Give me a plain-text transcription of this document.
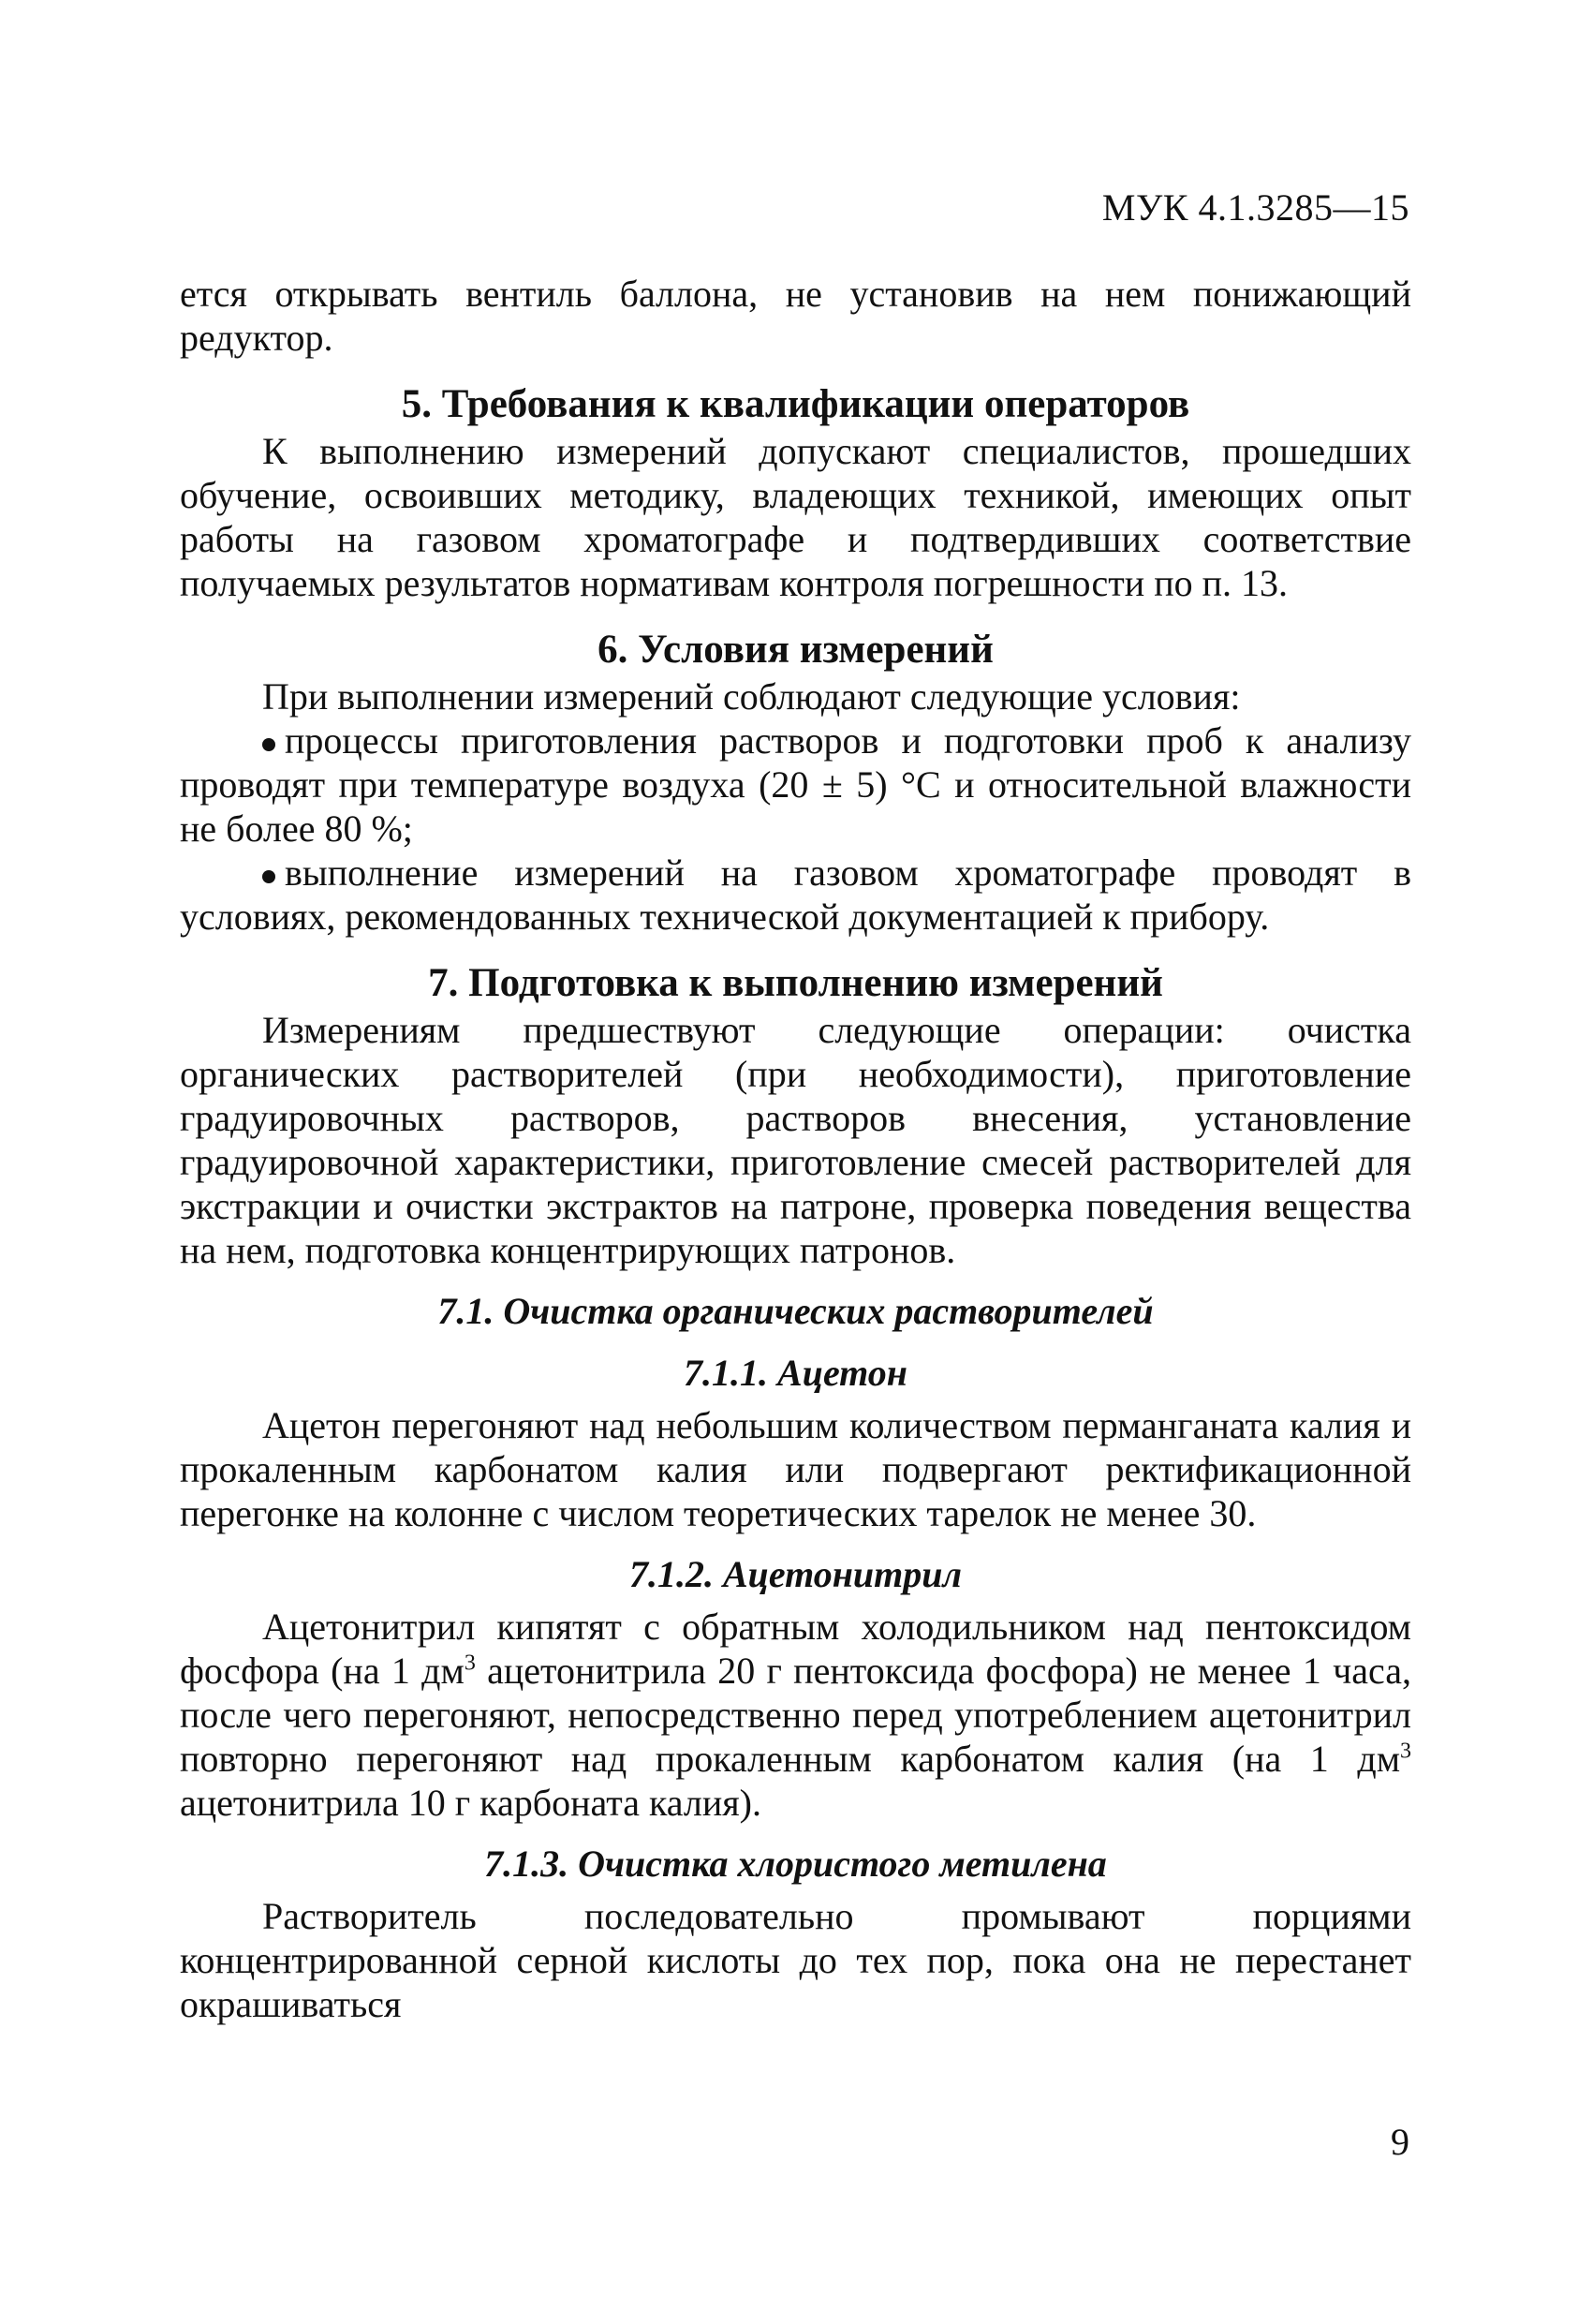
МУК 4.1.3285—15

ется открывать вентиль баллона, не установив на нем понижающий редуктор.

5. Требования к квалификации операторов

К выполнению измерений допускают специалистов, прошедших обучение, освоивших методику, владеющих техникой, имеющих опыт работы на газовом хроматографе и подтвердивших соответствие получаемых результатов нормативам контроля погрешности по п. 13.

6. Условия измерений

При выполнении измерений соблюдают следующие условия:

процессы приготовления растворов и подготовки проб к анализу проводят при температуре воздуха (20 ± 5) °С и относительной влажности не более 80 %;

выполнение измерений на газовом хроматографе проводят в условиях, рекомендованных технической документацией к прибору.

7. Подготовка к выполнению измерений

Измерениям предшествуют следующие операции: очистка органических растворителей (при необходимости), приготовление градуировочных растворов, растворов внесения, установление градуировочной характеристики, приготовление смесей растворителей для экстракции и очистки экстрактов на патроне, проверка поведения вещества на нем, подготовка концентрирующих патронов.

7.1. Очистка органических растворителей
7.1.1. Ацетон

Ацетон перегоняют над небольшим количеством перманганата калия и прокаленным карбонатом калия или подвергают ректификационной перегонке на колонне с числом теоретических тарелок не менее 30.

7.1.2. Ацетонитрил

Ацетонитрил кипятят с обратным холодильником над пентоксидом фосфора (на 1 $дм^3$ ацетонитрила 20 г пентоксида фосфора) не менее 1 часа, после чего перегоняют, непосредственно перед употреблением ацетонитрил повторно перегоняют над прокаленным карбонатом калия (на 1 $дм^3$ ацетонитрила 10 г карбоната калия).

7.1.3. Очистка хлористого метилена

Растворитель последовательно промывают порциями концентрированной серной кислоты до тех пор, пока она не перестанет окрашиваться

9
